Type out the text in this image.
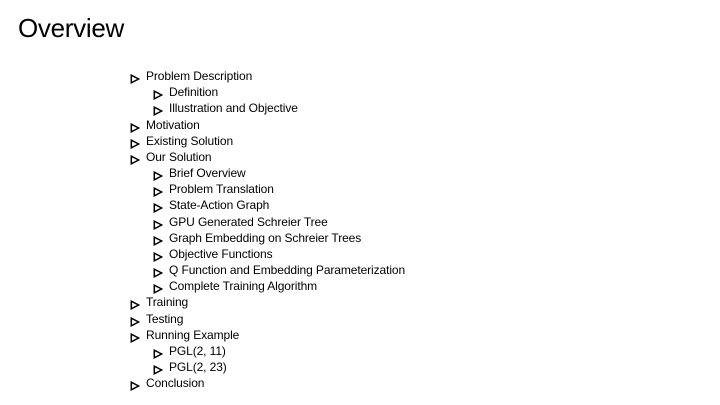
Overview
Problem Description
Definition
Illustration and Objective
Motivation
Existing Solution
Our Solution
Brief Overview
Problem Translation
State-Action Graph
GPU Generated Schreier Tree
Graph Embedding on Schreier Trees
Objective Functions
Q Function and Embedding Parameterization
Complete Training Algorithm
Training
Testing
Running Example
PGL(2, 11)
PGL(2, 23)
Conclusion
